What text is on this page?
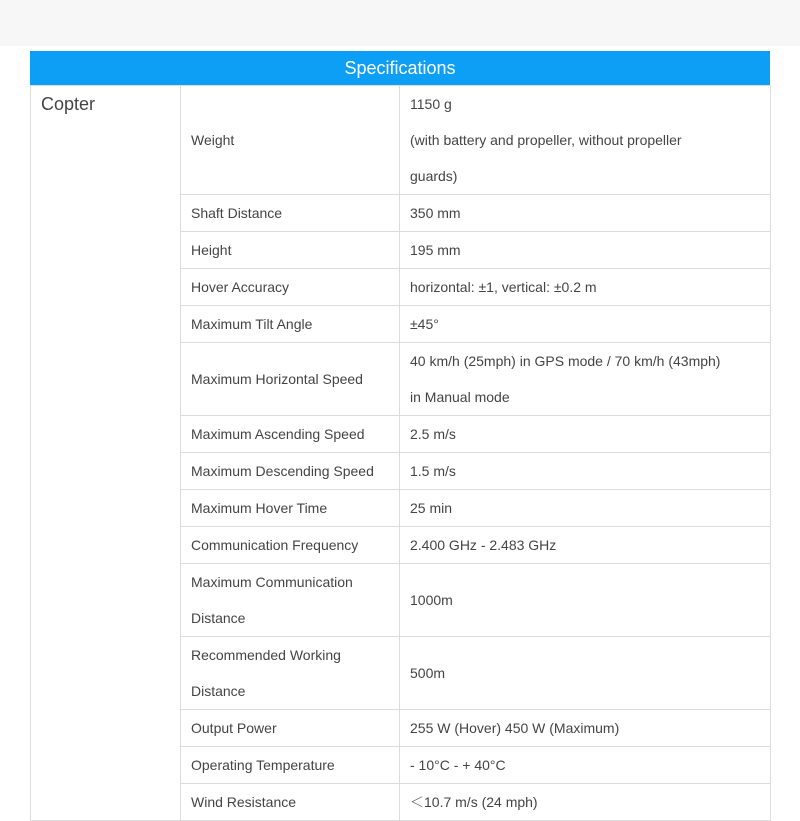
Specifications
Copter	Weight	1150 g
(with battery and propeller, without propeller
guards)

	Shaft Distance	350 mm

	Height	195 mm

	Hover Accuracy	horizontal: ±1, vertical: ±0.2 m

	Maximum Tilt Angle	±45°

	Maximum Horizontal Speed	40 km/h (25mph) in GPS mode / 70 km/h (43mph)
in Manual mode

	Maximum Ascending Speed	2.5 m/s

	Maximum Descending Speed	1.5 m/s

	Maximum Hover Time	25 min

	Communication Frequency	2.400 GHz - 2.483 GHz

	Maximum Communication
Distance	1000m

	Recommended Working
Distance	500m

	Output Power	255 W (Hover) 450 W (Maximum)

	Operating Temperature	- 10°C - + 40°C

	Wind Resistance	＜10.7 m/s (24 mph)
